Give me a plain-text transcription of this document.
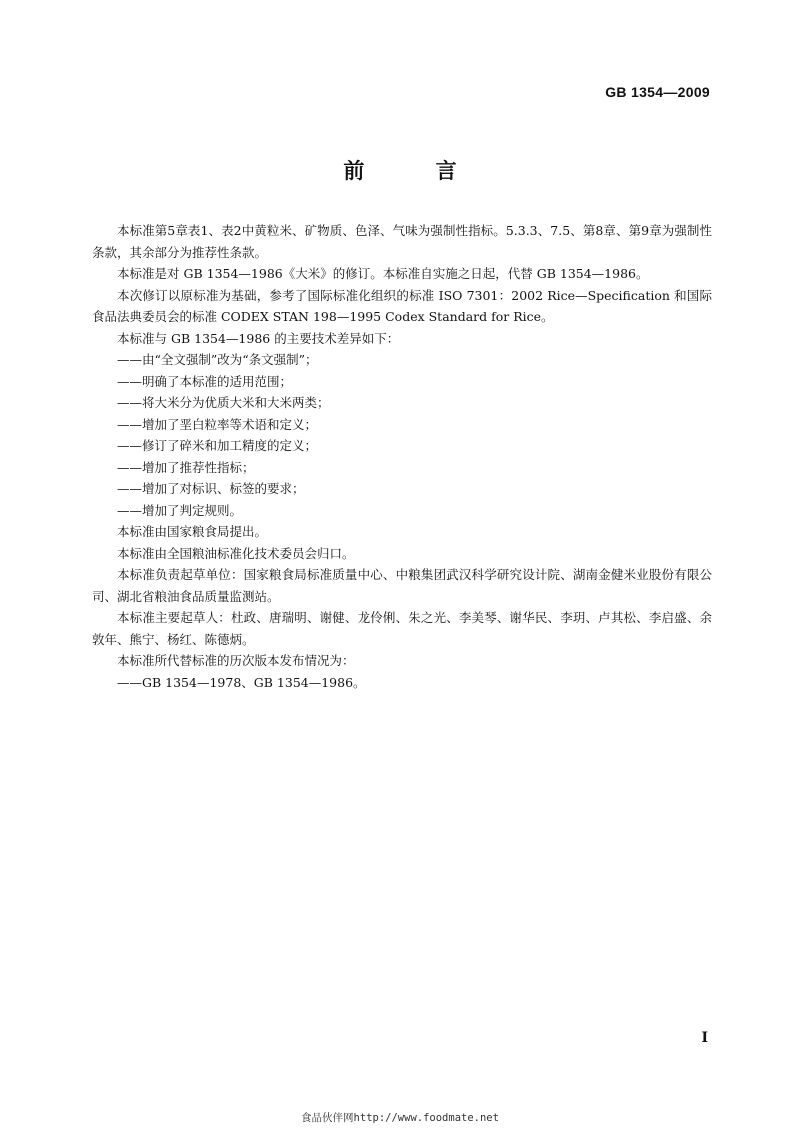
GB 1354—2009
前 言

本标准第5章表1、表2中黄粒米、矿物质、色泽、气味为强制性指标。5.3.3、7.5、第8章、第9章为强制性条款，其余部分为推荐性条款。

本标准是对 GB 1354—1986《大米》的修订。本标准自实施之日起，代替 GB 1354—1986。

本次修订以原标准为基础，参考了国际标准化组织的标准 ISO 7301：2002 Rice—Specification 和国际食品法典委员会的标准 CODEX STAN 198—1995 Codex Standard for Rice。

本标准与 GB 1354—1986 的主要技术差异如下：

——由“全文强制”改为“条文强制”；

——明确了本标准的适用范围；

——将大米分为优质大米和大米两类；

——增加了垩白粒率等术语和定义；

——修订了碎米和加工精度的定义；

——增加了推荐性指标；

——增加了对标识、标签的要求；

——增加了判定规则。

本标准由国家粮食局提出。

本标准由全国粮油标准化技术委员会归口。

本标准负责起草单位：国家粮食局标准质量中心、中粮集团武汉科学研究设计院、湖南金健米业股份有限公司、湖北省粮油食品质量监测站。

本标准主要起草人：杜政、唐瑞明、谢健、龙伶俐、朱之光、李美琴、谢华民、李玥、卢其松、李启盛、余敦年、熊宁、杨红、陈德炳。

本标准所代替标准的历次版本发布情况为：

——GB 1354—1978、GB 1354—1986。

I
食品伙伴网http://www.foodmate.net
